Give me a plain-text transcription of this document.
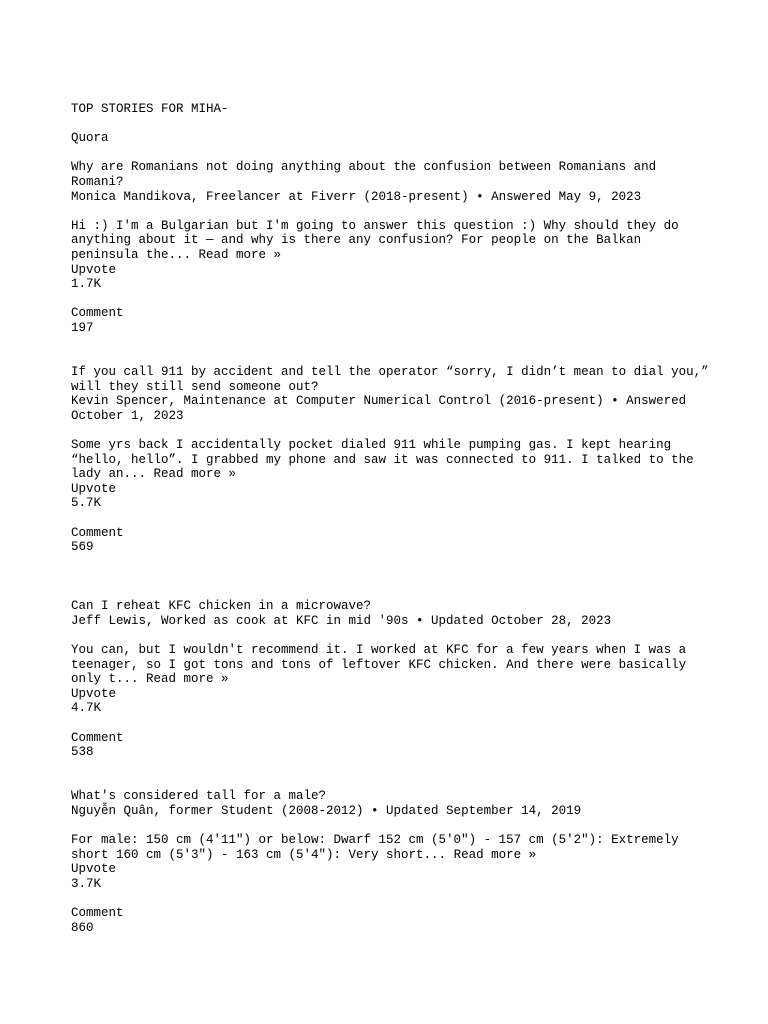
TOP STORIES FOR MIHA-
Quora
Why are Romanians not doing anything about the confusion between Romanians and Romani?
Monica Mandikova, Freelancer at Fiverr (2018-present) • Answered May 9, 2023
Hi :) I'm a Bulgarian but I'm going to answer this question :) Why should they do anything about it — and why is there any confusion? For people on the Balkan peninsula the... Read more »
Upvote
1.7K
Comment
197
If you call 911 by accident and tell the operator “sorry, I didn’t mean to dial you,” will they still send someone out?
Kevin Spencer, Maintenance at Computer Numerical Control (2016-present) • Answered October 1, 2023
Some yrs back I accidentally pocket dialed 911 while pumping gas. I kept hearing “hello, hello”. I grabbed my phone and saw it was connected to 911. I talked to the lady an... Read more »
Upvote
5.7K
Comment
569
Can I reheat KFC chicken in a microwave?
Jeff Lewis, Worked as cook at KFC in mid '90s • Updated October 28, 2023
You can, but I wouldn't recommend it. I worked at KFC for a few years when I was a teenager, so I got tons and tons of leftover KFC chicken. And there were basically only t... Read more »
Upvote
4.7K
Comment
538
What's considered tall for a male?
Nguyễn Quân, former Student (2008-2012) • Updated September 14, 2019
For male: 150 cm (4'11") or below: Dwarf 152 cm (5'0") - 157 cm (5'2"): Extremely short 160 cm (5'3") - 163 cm (5'4"): Very short... Read more »
Upvote
3.7K
Comment
860
